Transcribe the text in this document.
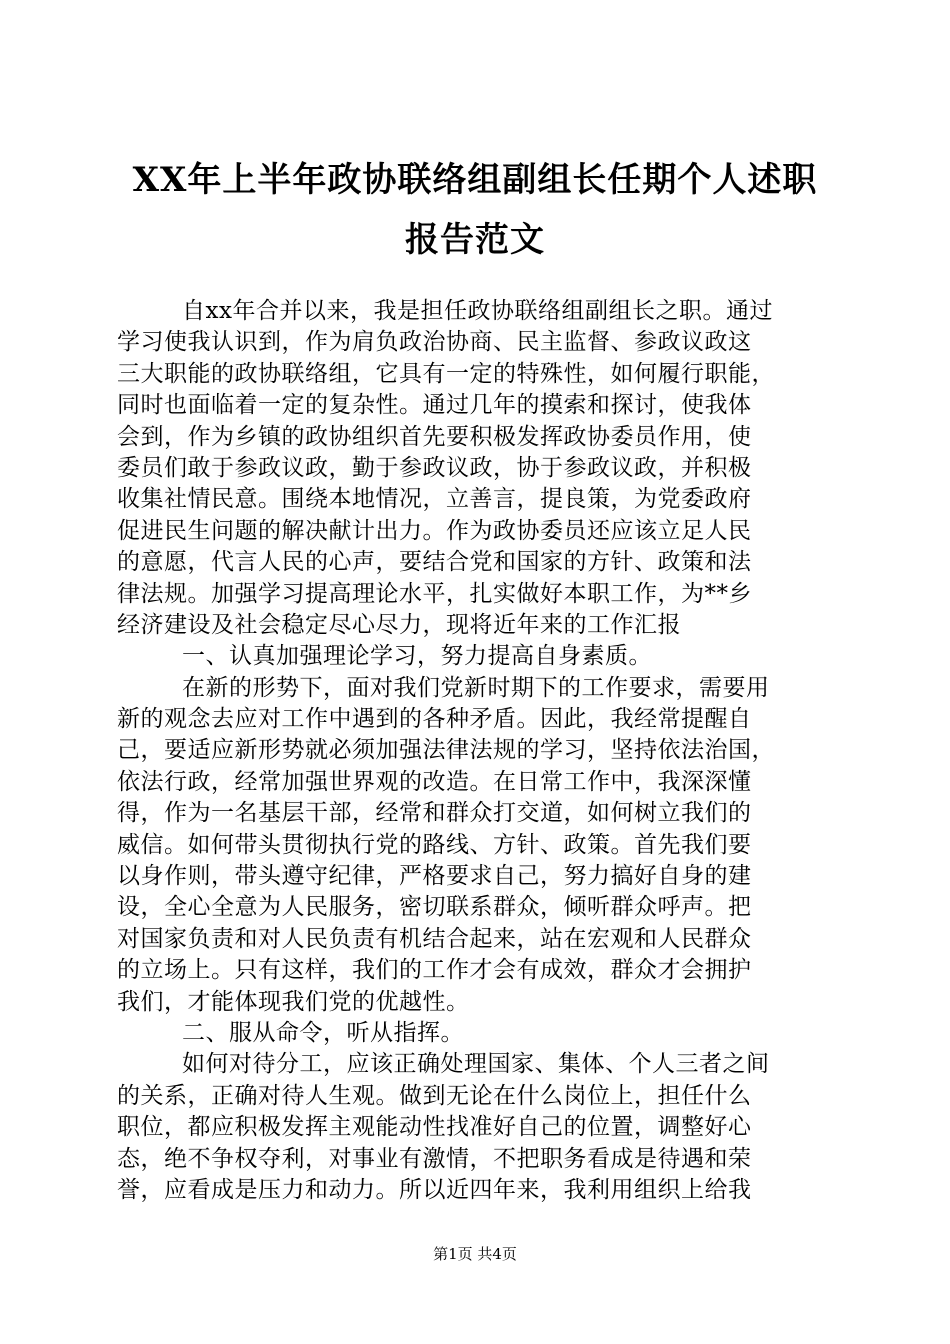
XX年上半年政协联络组副组长任期个人述职
报告范文
自xx年合并以来，我是担任政协联络组副组长之职。通过
学习使我认识到，作为肩负政治协商、民主监督、参政议政这
三大职能的政协联络组，它具有一定的特殊性，如何履行职能，
同时也面临着一定的复杂性。通过几年的摸索和探讨，使我体
会到，作为乡镇的政协组织首先要积极发挥政协委员作用，使
委员们敢于参政议政，勤于参政议政，协于参政议政，并积极
收集社情民意。围绕本地情况，立善言，提良策，为党委政府
促进民生问题的解决献计出力。作为政协委员还应该立足人民
的意愿，代言人民的心声，要结合党和国家的方针、政策和法
律法规。加强学习提高理论水平，扎实做好本职工作，为**乡
经济建设及社会稳定尽心尽力，现将近年来的工作汇报
一、认真加强理论学习，努力提高自身素质。
在新的形势下，面对我们党新时期下的工作要求，需要用
新的观念去应对工作中遇到的各种矛盾。因此，我经常提醒自
己，要适应新形势就必须加强法律法规的学习，坚持依法治国，
依法行政，经常加强世界观的改造。在日常工作中，我深深懂
得，作为一名基层干部，经常和群众打交道，如何树立我们的
威信。如何带头贯彻执行党的路线、方针、政策。首先我们要
以身作则，带头遵守纪律，严格要求自己，努力搞好自身的建
设，全心全意为人民服务，密切联系群众，倾听群众呼声。把
对国家负责和对人民负责有机结合起来，站在宏观和人民群众
的立场上。只有这样，我们的工作才会有成效，群众才会拥护
我们，才能体现我们党的优越性。
二、服从命令，听从指挥。
如何对待分工，应该正确处理国家、集体、个人三者之间
的关系，正确对待人生观。做到无论在什么岗位上，担任什么
职位，都应积极发挥主观能动性找准好自己的位置，调整好心
态，绝不争权夺利，对事业有激情，不把职务看成是待遇和荣
誉，应看成是压力和动力。所以近四年来，我利用组织上给我
第1页 共4页
